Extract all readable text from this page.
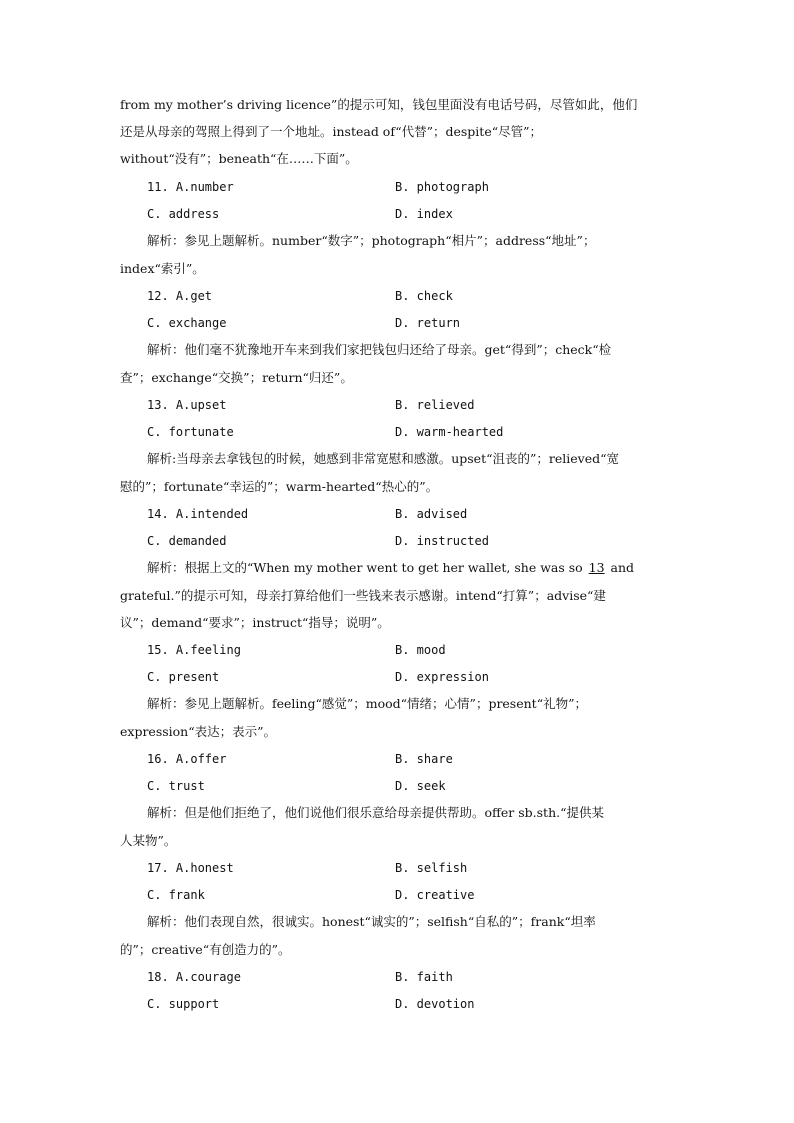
from my mother’s driving licence”的提示可知，钱包里面没有电话号码，尽管如此，他们
还是从母亲的驾照上得到了一个地址。instead of“代替”；despite“尽管”；
without“没有”；beneath“在……下面”。
11. A.number	B. photograph
C. address	D. index
解析：参见上题解析。number“数字”；photograph“相片”；address“地址”；
index“索引”。
12. A.get	B. check
C. exchange	D. return
解析：他们毫不犹豫地开车来到我们家把钱包归还给了母亲。get“得到”；check“检
查”；exchange“交换”；return“归还”。
13. A.upset	B. relieved
C. fortunate	D. warm-hearted
解析:当母亲去拿钱包的时候，她感到非常宽慰和感激。upset“沮丧的”；relieved“宽
慰的”；fortunate“幸运的”；warm-hearted“热心的”。
14. A.intended	B. advised
C. demanded	D. instructed
解析：根据上文的“When my mother went to get her wallet, she was so 13 and
grateful.”的提示可知，母亲打算给他们一些钱来表示感谢。intend“打算”；advise“建
议”；demand“要求”；instruct“指导；说明”。
15. A.feeling	B. mood
C. present	D. expression
解析：参见上题解析。feeling“感觉”；mood“情绪；心情”；present“礼物”；
expression“表达；表示”。
16. A.offer	B. share
C. trust	D. seek
解析：但是他们拒绝了，他们说他们很乐意给母亲提供帮助。offer sb.sth.“提供某
人某物”。
17. A.honest	B. selfish
C. frank	D. creative
解析：他们表现自然，很诚实。honest“诚实的”；selfish“自私的”；frank“坦率
的”；creative“有创造力的”。
18. A.courage	B. faith
C. support	D. devotion
